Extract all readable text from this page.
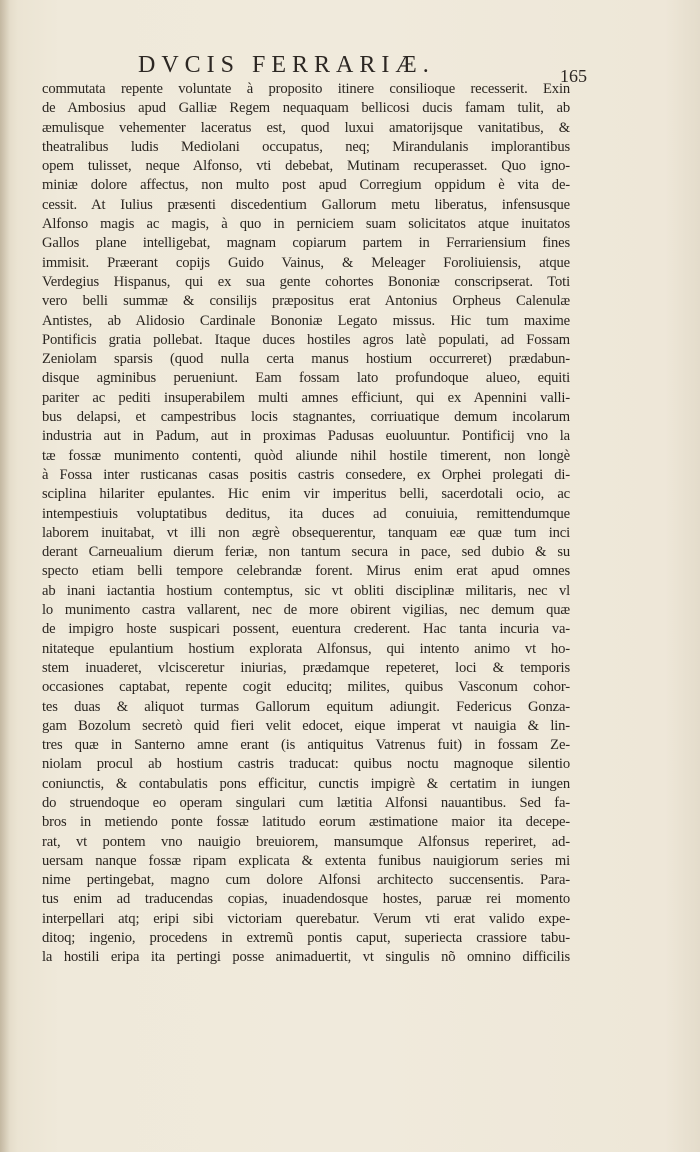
DVCIS FERRARIÆ.	165
commutata repente voluntate à proposito itinere consilioque recesserit. Exin
de Ambosius apud Galliæ Regem nequaquam bellicosi ducis famam tulit, ab
æmulisque vehementer laceratus est, quod luxui amatorijsque vanitatibus, &
theatralibus ludis Mediolani occupatus, neq; Mirandulanis implorantibus
opem tulisset, neque Alfonso, vti debebat, Mutinam recuperasset. Quo igno-
miniæ dolore affectus, non multo post apud Corregium oppidum è vita de-
cessit. At Iulius præsenti discedentium Gallorum metu liberatus, infensusque
Alfonso magis ac magis, à quo in perniciem suam solicitatos atque inuitatos
Gallos plane intelligebat, magnam copiarum partem in Ferrariensium fines
immisit. Præerant copijs Guido Vainus, & Meleager Foroliuiensis, atque
Verdegius Hispanus, qui ex sua gente cohortes Bononiæ conscripserat. Toti
vero belli summæ & consilijs præpositus erat Antonius Orpheus Calenulæ
Antistes, ab Alidosio Cardinale Bononiæ Legato missus. Hic tum maxime
Pontificis gratia pollebat. Itaque duces hostiles agros latè populati, ad Fossam
Zeniolam sparsis (quod nulla certa manus hostium occurreret) prædabun-
disque agminibus perueniunt. Eam fossam lato profundoque alueo, equiti
pariter ac pediti insuperabilem multi amnes efficiunt, qui ex Apennini valli-
bus delapsi, et campestribus locis stagnantes, corriuatique demum incolarum
industria aut in Padum, aut in proximas Padusas euoluuntur. Pontificij vno la
tæ fossæ munimento contenti, quòd aliunde nihil hostile timerent, non longè
à Fossa inter rusticanas casas positis castris consedere, ex Orphei prolegati di-
sciplina hilariter epulantes. Hic enim vir imperitus belli, sacerdotali ocio, ac
intempestiuis voluptatibus deditus, ita duces ad conuiuia, remittendumque
laborem inuitabat, vt illi non ægrè obsequerentur, tanquam eæ quæ tum inci
derant Carneualium dierum feriæ, non tantum secura in pace, sed dubio & su
specto etiam belli tempore celebrandæ forent. Mirus enim erat apud omnes
ab inani iactantia hostium contemptus, sic vt obliti disciplinæ militaris, nec vl
lo munimento castra vallarent, nec de more obirent vigilias, nec demum quæ
de impigro hoste suspicari possent, euentura crederent. Hac tanta incuria va-
nitateque epulantium hostium explorata Alfonsus, qui intento animo vt ho-
stem inuaderet, vlcisceretur iniurias, prædamque repeteret, loci & temporis
occasiones captabat, repente cogit educitq; milites, quibus Vasconum cohor-
tes duas & aliquot turmas Gallorum equitum adiungit. Federicus Gonza-
gam Bozolum secretò quid fieri velit edocet, eique imperat vt nauigia & lin-
tres quæ in Santerno amne erant (is antiquitus Vatrenus fuit) in fossam Ze-
niolam procul ab hostium castris traducat: quibus noctu magnoque silentio
coniunctis, & contabulatis pons efficitur, cunctis impigrè & certatim in iungen
do struendoque eo operam singulari cum lætitia Alfonsi nauantibus. Sed fa-
bros in metiendo ponte fossæ latitudo eorum æstimatione maior ita decepe-
rat, vt pontem vno nauigio breuiorem, mansumque Alfonsus reperiret, ad-
uersam nanque fossæ ripam explicata & extenta funibus nauigiorum series mi
nime pertingebat, magno cum dolore Alfonsi architecto succensentis. Para-
tus enim ad traducendas copias, inuadendosque hostes, paruæ rei momento
interpellari atq; eripi sibi victoriam querebatur. Verum vti erat valido expe-
ditoq; ingenio, procedens in extremũ pontis caput, superiecta crassiore tabu-
la hostili eripa ita pertingi posse animaduertit, vt singulis nõ omnino difficilis
